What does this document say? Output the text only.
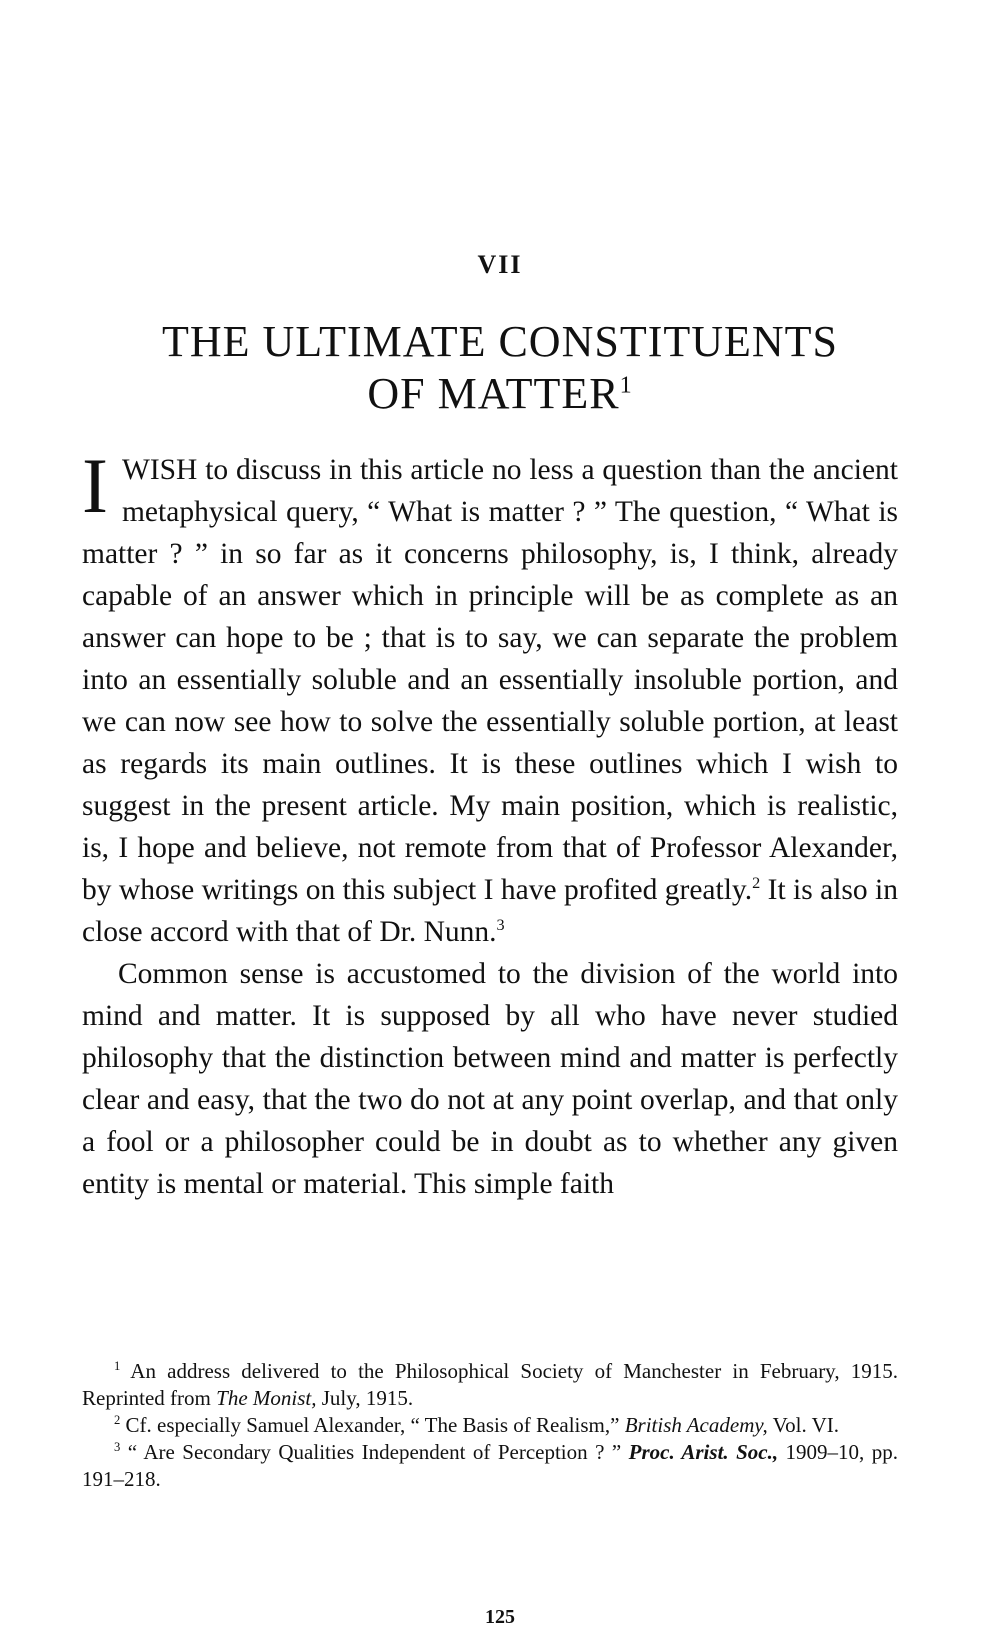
VII
THE ULTIMATE CONSTITUENTS
OF MATTER$^1$

IWISH to discuss in this article no less a question than the ancient metaphysical query, “ What is matter ? ” The question, “ What is matter ? ” in so far as it concerns philosophy, is, I think, already capable of an answer which in principle will be as complete as an answer can hope to be ; that is to say, we can separate the problem into an essentially soluble and an essentially insoluble portion, and we can now see how to solve the essentially soluble portion, at least as regards its main outlines. It is these outlines which I wish to suggest in the present article. My main position, which is realistic, is, I hope and believe, not remote from that of Professor Alexander, by whose writings on this subject I have profited greatly.$^2$ It is also in close accord with that of Dr. Nunn.$^3$

Common sense is accustomed to the division of the world into mind and matter. It is supposed by all who have never studied philosophy that the distinction between mind and matter is perfectly clear and easy, that the two do not at any point overlap, and that only a fool or a philosopher could be in doubt as to whether any given entity is mental or material. This simple faith

$^1$ An address delivered to the Philosophical Society of Manchester in February, 1915. Reprinted from The Monist, July, 1915.

$^2$ Cf. especially Samuel Alexander, “ The Basis of Realism,” British Academy, Vol. VI.

$^3$ “ Are Secondary Qualities Independent of Perception ? ” Proc. Arist. Soc., 1909–10, pp. 191–218.

125
